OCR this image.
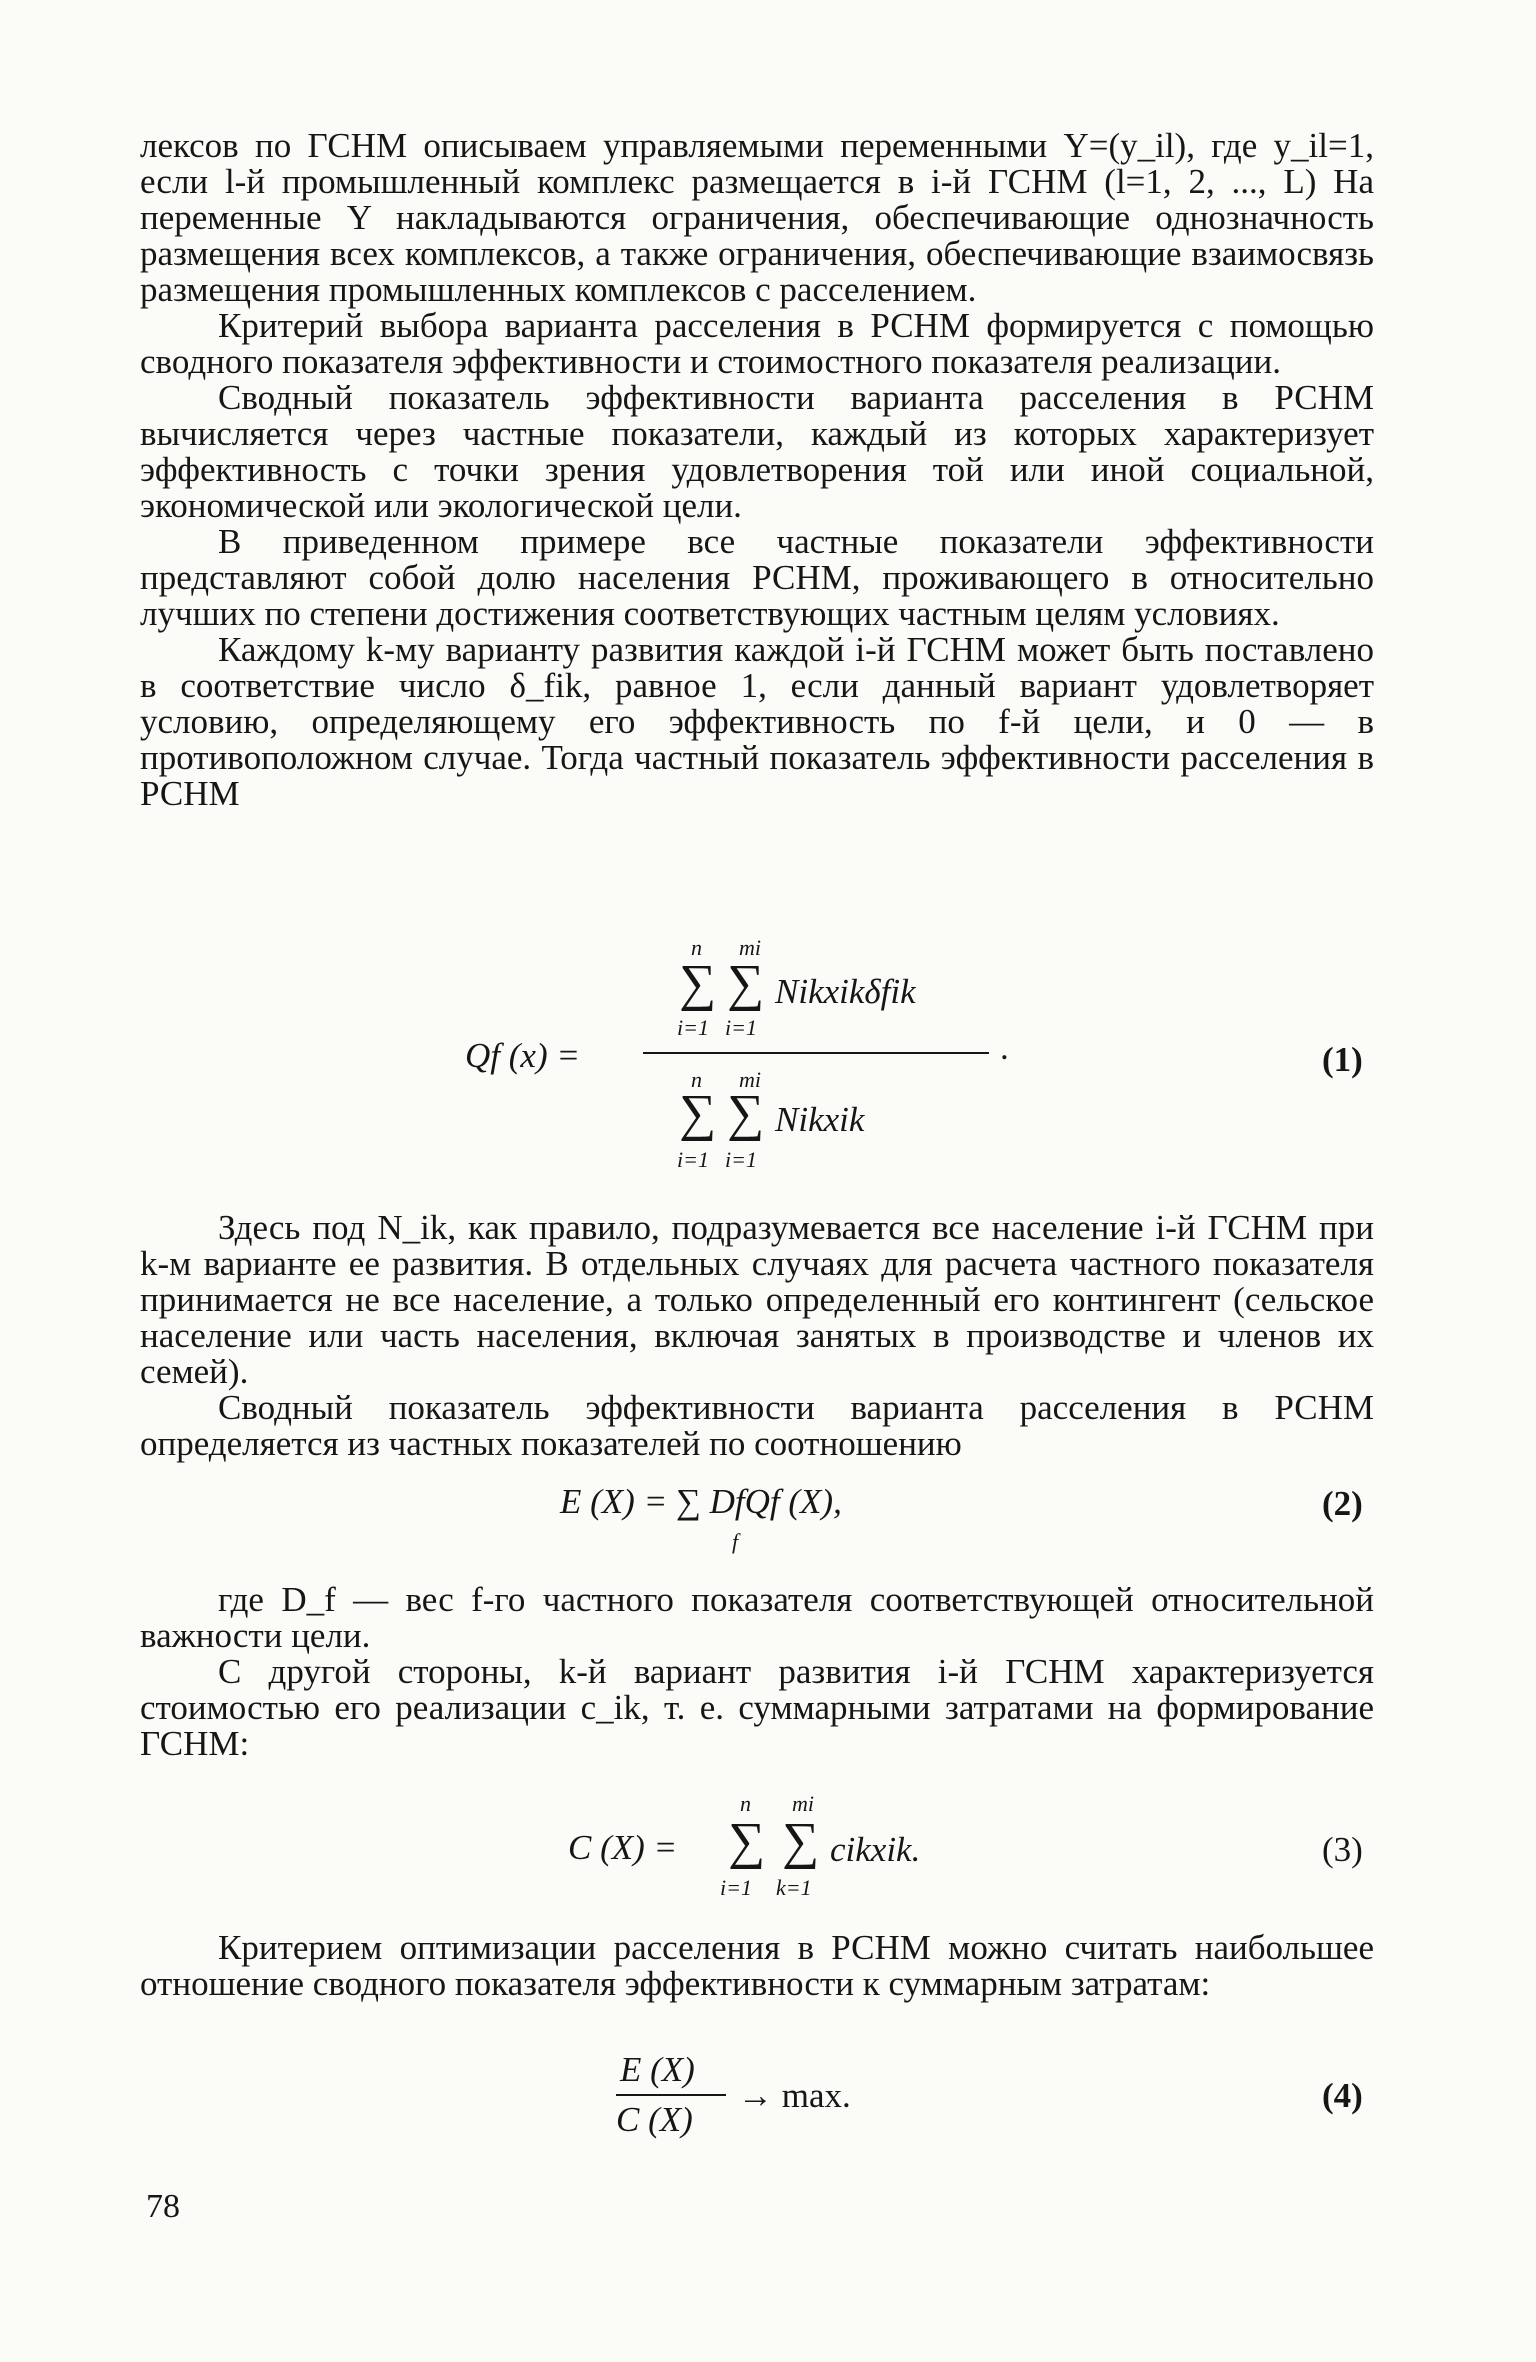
лексов по ГСНМ описываем управляемыми переменными Y=(y_il), где y_il=1, если l-й промышленный комплекс размещается в i-й ГСНМ (l=1, 2, ..., L) На переменные Y накладываются ограничения, обеспечивающие однозначность размещения всех комплексов, а также ограничения, обеспечивающие взаимосвязь размещения промышленных комплексов с расселением.

Критерий выбора варианта расселения в РСНМ формируется с помощью сводного показателя эффективности и стоимостного показателя реализации.

Сводный показатель эффективности варианта расселения в РСНМ вычисляется через частные показатели, каждый из которых характеризует эффективность с точки зрения удовлетворения той или иной социальной, экономической или экологической цели.

В приведенном примере все частные показатели эффективности представляют собой долю населения РСНМ, проживающего в относительно лучших по степени достижения соответствующих частным целям условиях.

Каждому k-му варианту развития каждой i-й ГСНМ может быть поставлено в соответствие число δ_fik, равное 1, если данный вариант удовлетворяет условию, определяющему его эффективность по f-й цели, и 0 — в противоположном случае. Тогда частный показатель эффективности расселения в РСНМ

Qf (x) =
n mi
∑ ∑ Nikxikδfik
i=1 i=1
.
n mi
∑ ∑ Nikxik
i=1 i=1
(1)

Здесь под N_ik, как правило, подразумевается все население i-й ГСНМ при k-м варианте ее развития. В отдельных случаях для расчета частного показателя принимается не все население, а только определенный его контингент (сельское население или часть населения, включая занятых в производстве и членов их семей).

Сводный показатель эффективности варианта расселения в РСНМ определяется из частных показателей по соотношению

E (X) = ∑ DfQf (X),
f
(2)

где D_f — вес f-го частного показателя соответствующей относительной важности цели.

С другой стороны, k-й вариант развития i-й ГСНМ характеризуется стоимостью его реализации c_ik, т. е. суммарными затратами на формирование ГСНМ:

C (X) =
n mi
∑ ∑ cikxik.
i=1 k=1
(3)

Критерием оптимизации расселения в РСНМ можно считать наибольшее отношение сводного показателя эффективности к суммарным затратам:

E (X)
C (X)
→ max.	(4)
78
